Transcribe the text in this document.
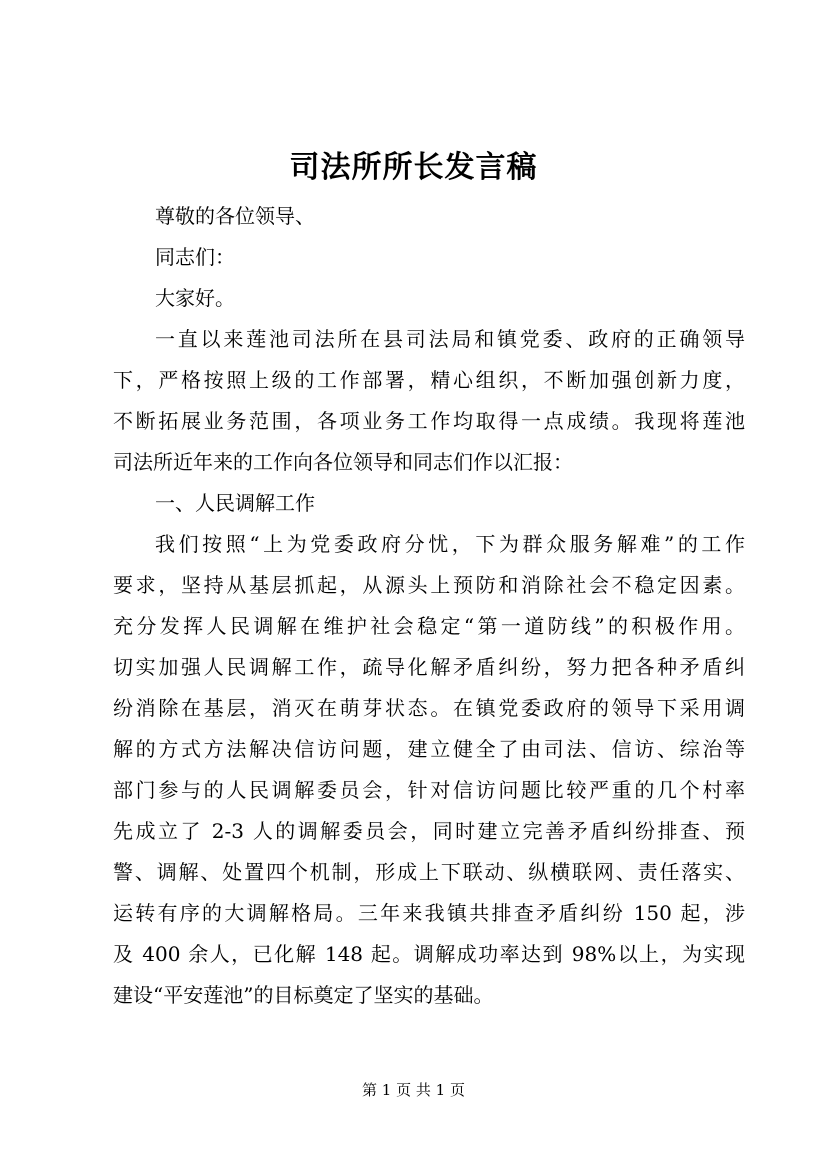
司法所所长发言稿
尊敬的各位领导、
同志们：
大家好。
一直以来莲池司法所在县司法局和镇党委、政府的正确领导
下，严格按照上级的工作部署，精心组织，不断加强创新力度，
不断拓展业务范围，各项业务工作均取得一点成绩。我现将莲池
司法所近年来的工作向各位领导和同志们作以汇报：
一、人民调解工作
我们按照“上为党委政府分忧，下为群众服务解难”的工作
要求，坚持从基层抓起，从源头上预防和消除社会不稳定因素。
充分发挥人民调解在维护社会稳定“第一道防线”的积极作用。
切实加强人民调解工作，疏导化解矛盾纠纷，努力把各种矛盾纠
纷消除在基层，消灭在萌芽状态。在镇党委政府的领导下采用调
解的方式方法解决信访问题，建立健全了由司法、信访、综治等
部门参与的人民调解委员会，针对信访问题比较严重的几个村率
先成立了 2-3 人的调解委员会，同时建立完善矛盾纠纷排查、预
警、调解、处置四个机制，形成上下联动、纵横联网、责任落实、
运转有序的大调解格局。三年来我镇共排查矛盾纠纷 150 起，涉
及 400 余人，已化解 148 起。调解成功率达到 98%以上，为实现
建设“平安莲池”的目标奠定了坚实的基础。
第 1 页 共 1 页
